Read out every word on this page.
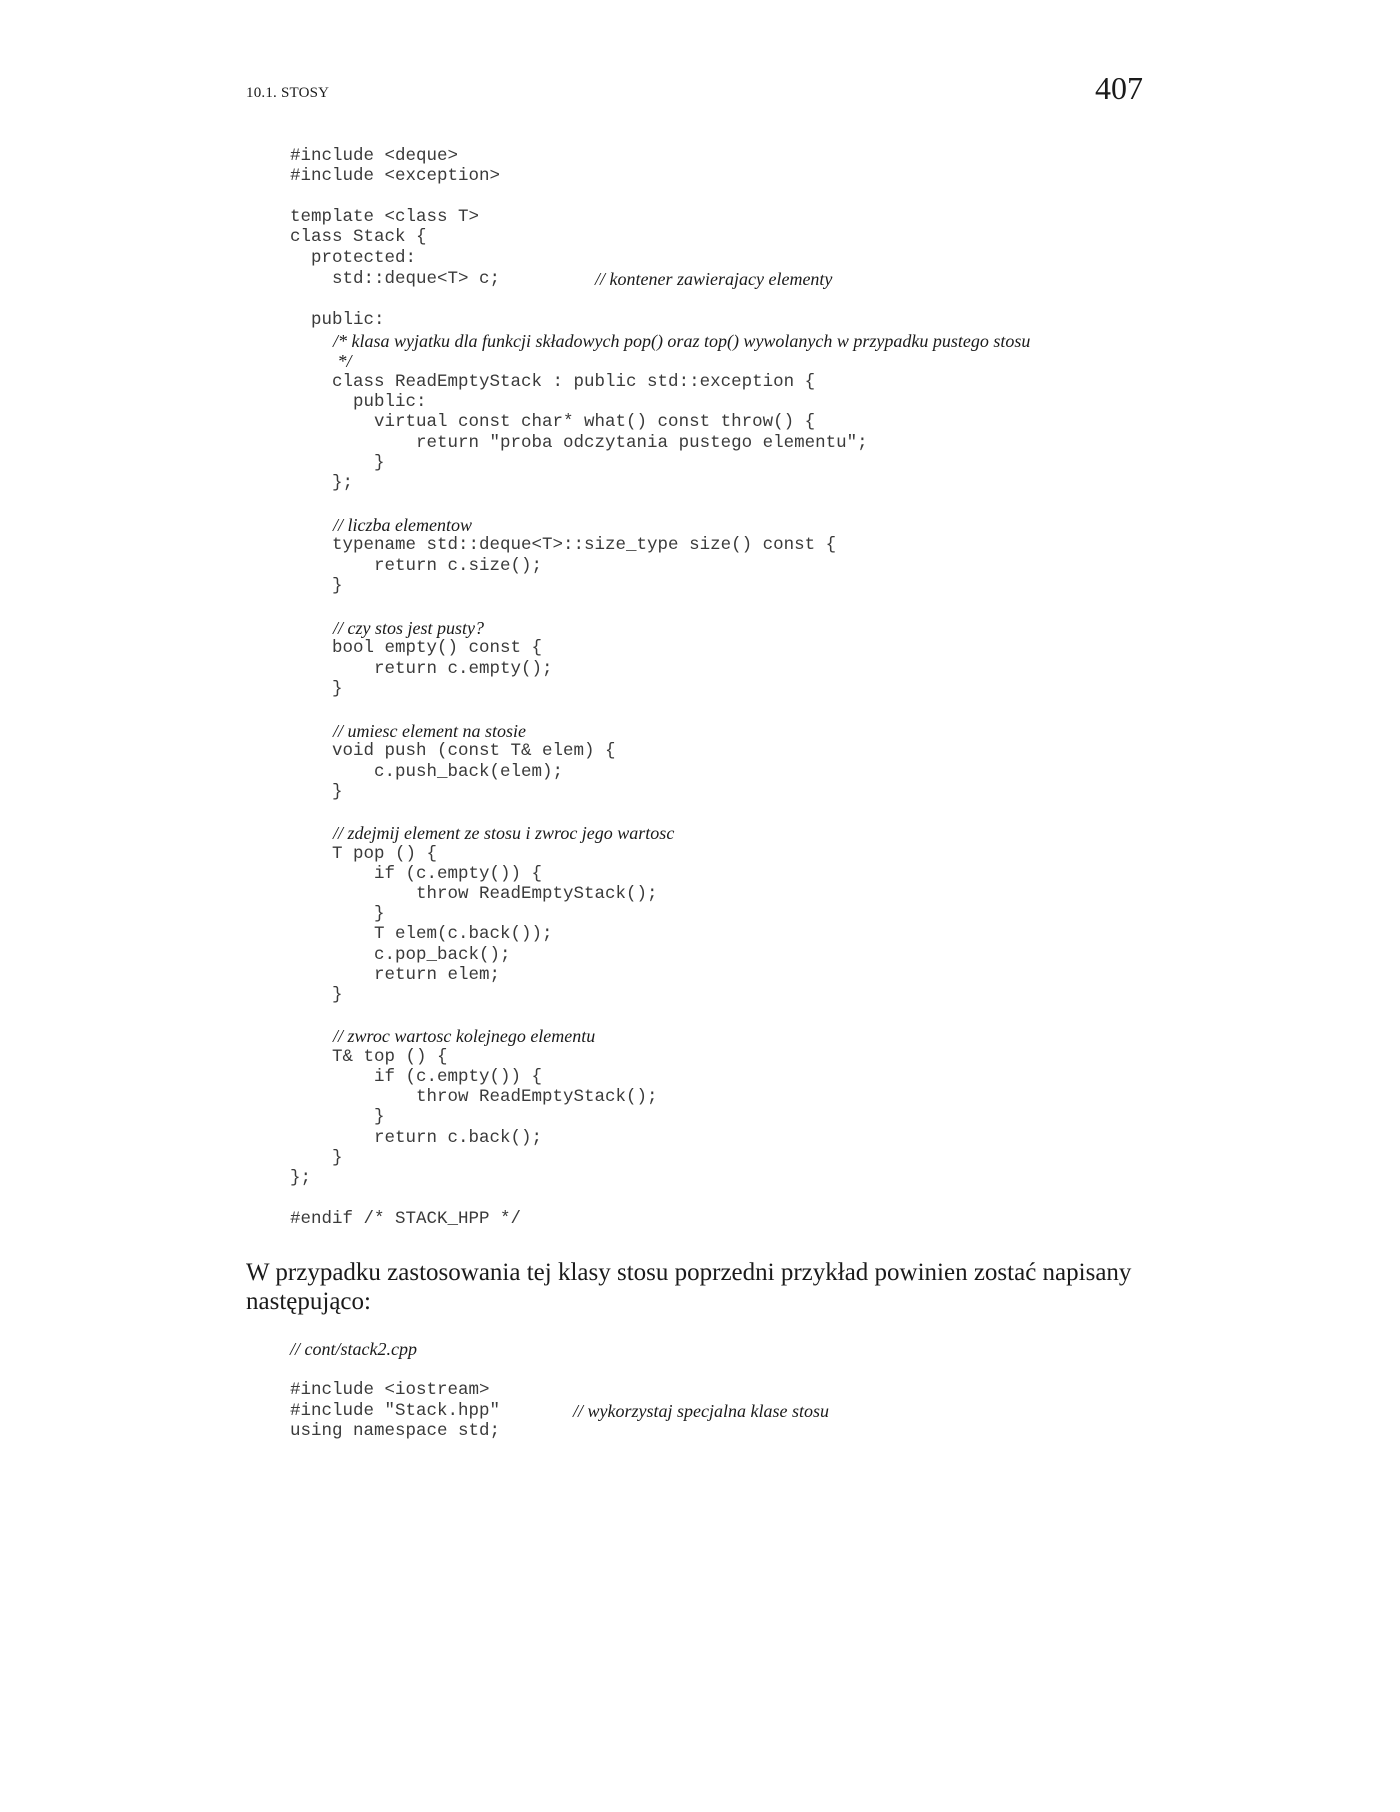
10.1. STOSY	407
#include <deque>
#include <exception>
template <class T>
class Stack {
protected:
std::deque<T> c;	// kontener zawierajacy elementy
public:
/* klasa wyjatku dla funkcji składowych pop() oraz top() wywolanych w przypadku pustego stosu
*/
class ReadEmptyStack : public std::exception {
public:
virtual const char* what() const throw() {
return "proba odczytania pustego elementu";
}
};
// liczba elementow
typename std::deque<T>::size_type size() const {
return c.size();
}
// czy stos jest pusty?
bool empty() const {
return c.empty();
}
// umiesc element na stosie
void push (const T& elem) {
c.push_back(elem);
}
// zdejmij element ze stosu i zwroc jego wartosc
T pop () {
if (c.empty()) {
throw ReadEmptyStack();
}
T elem(c.back());
c.pop_back();
return elem;
}
// zwroc wartosc kolejnego elementu
T& top () {
if (c.empty()) {
throw ReadEmptyStack();
}
return c.back();
}
};
#endif /* STACK_HPP */
W przypadku zastosowania tej klasy stosu poprzedni przykład powinien zostać napisany następująco:
// cont/stack2.cpp
#include <iostream>
#include "Stack.hpp"	// wykorzystaj specjalna klase stosu
using namespace std;
